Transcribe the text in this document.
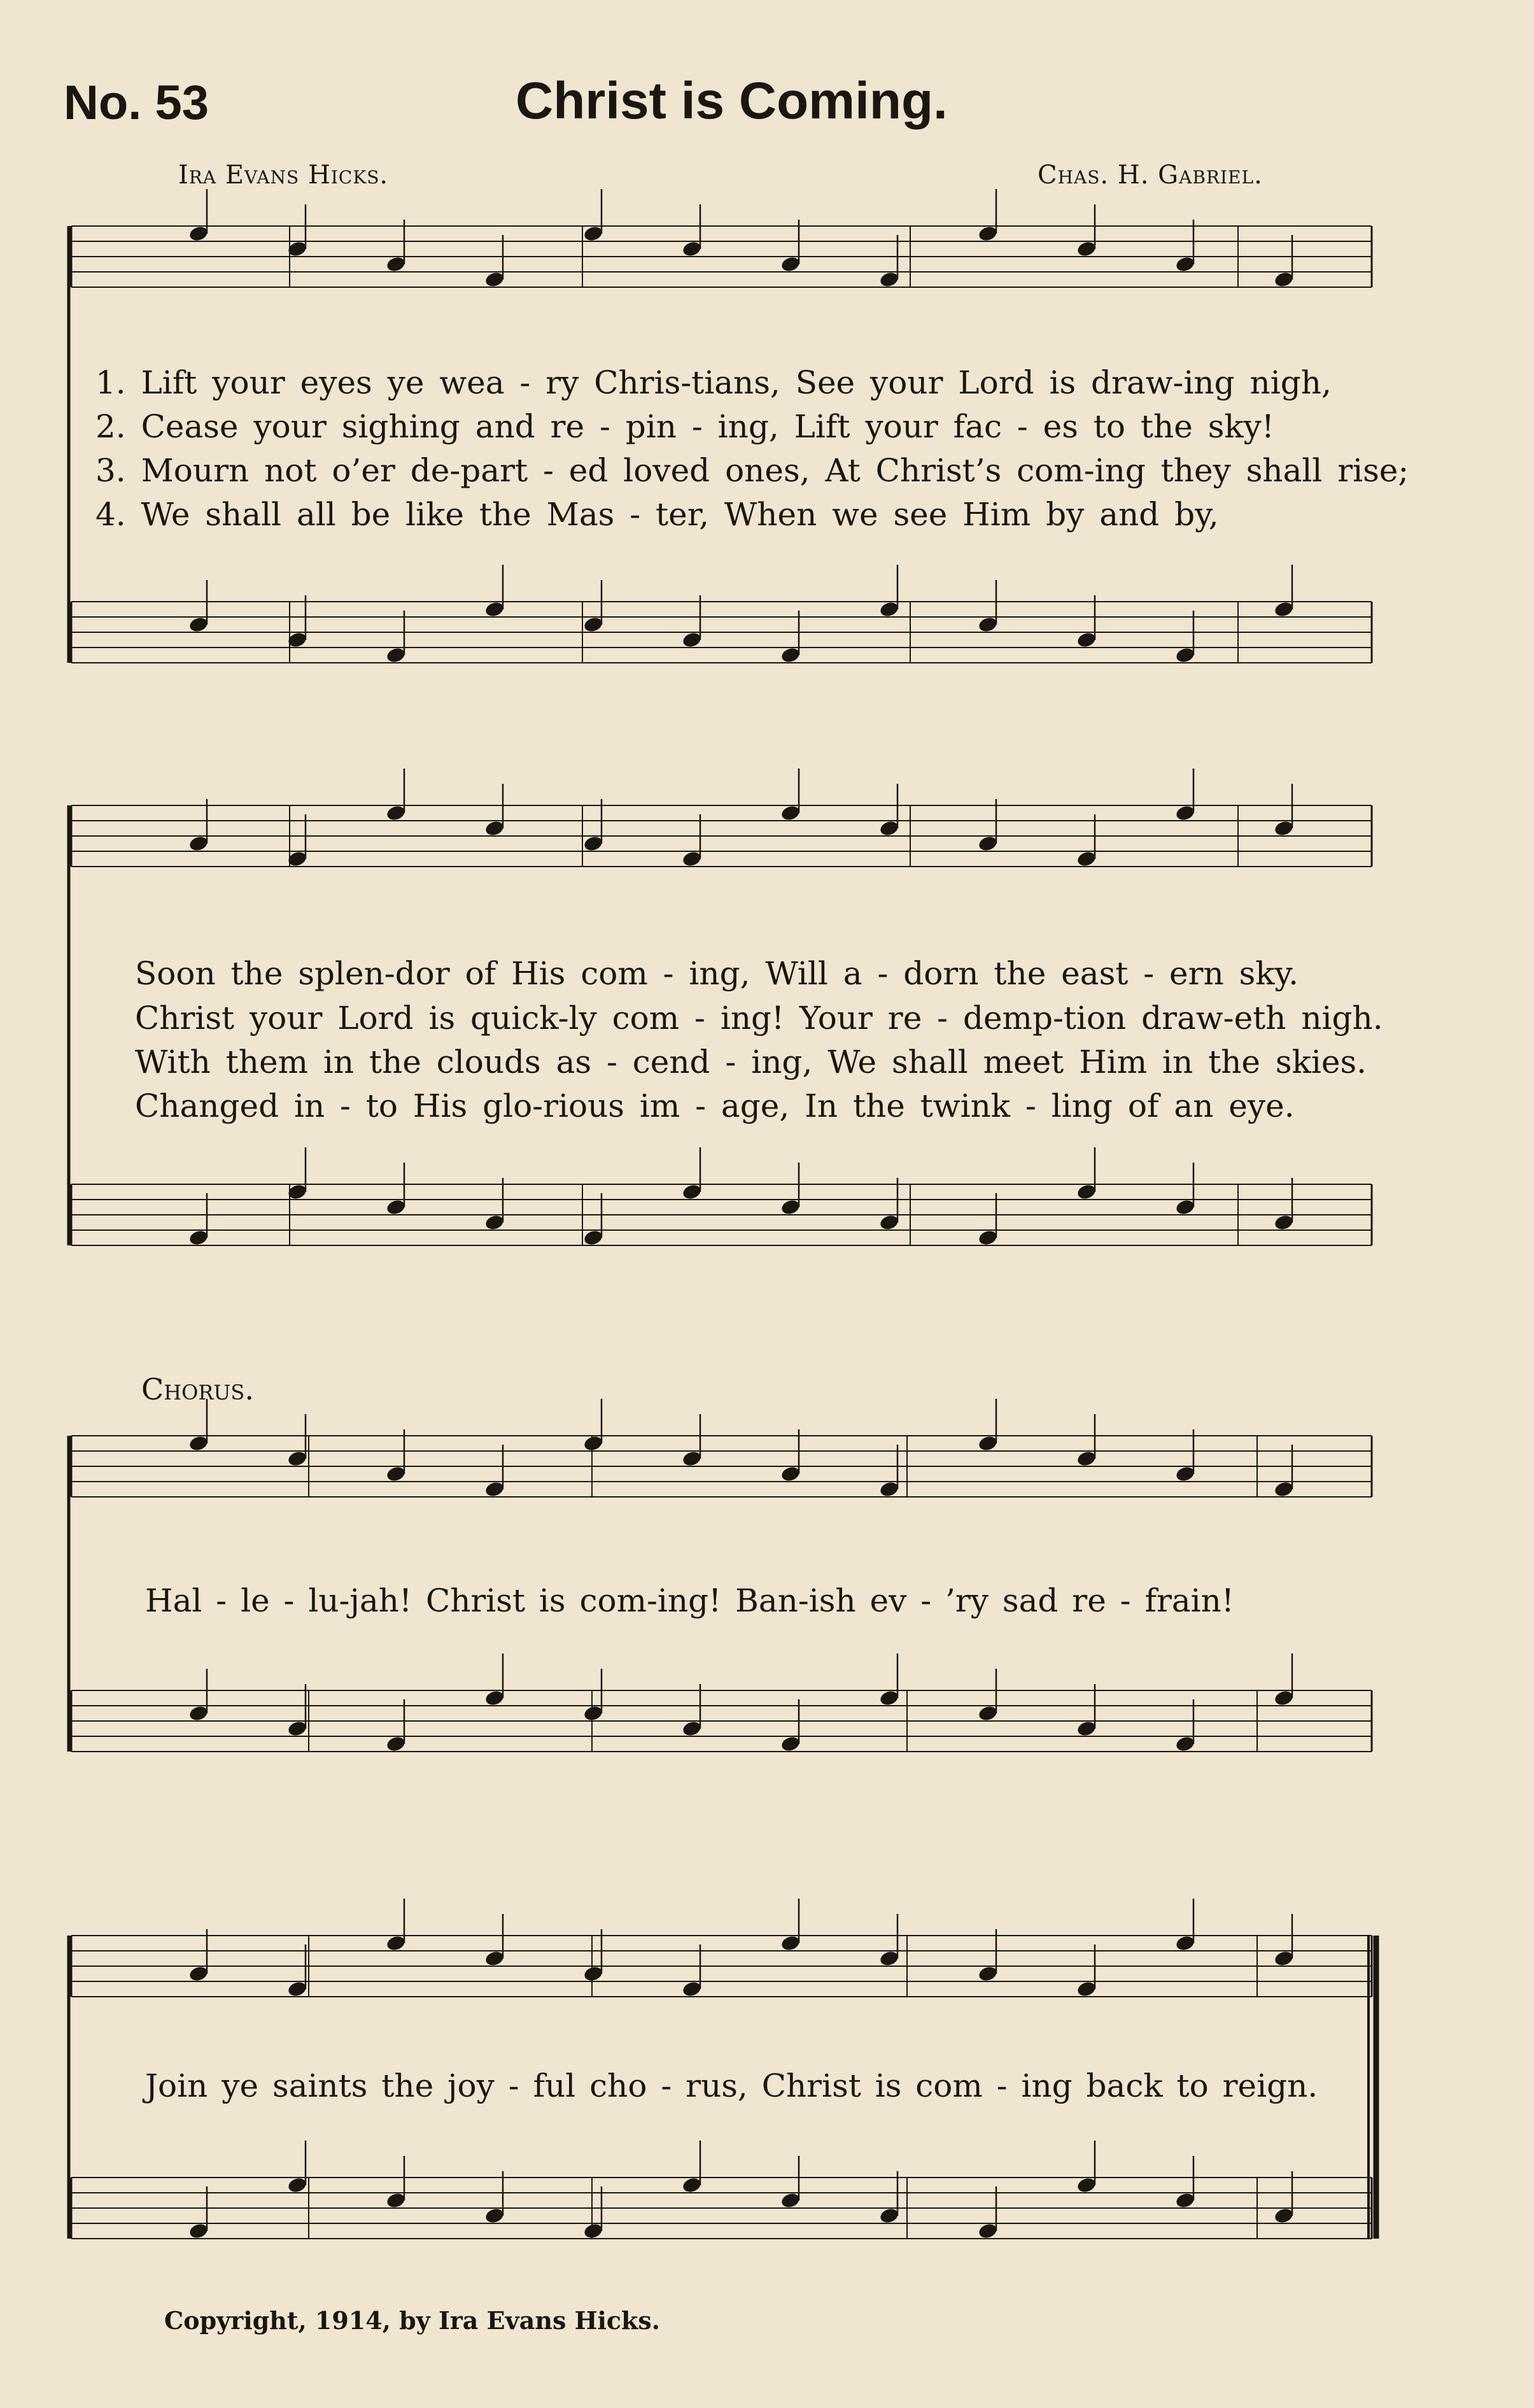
No. 53	Christ is Coming.
Ira Evans Hicks.	Chas. H. Gabriel.
1. Lift your eyes ye wea - ry Chris-tians, See your Lord is draw-ing nigh,
2. Cease your sighing and re - pin - ing, Lift your fac - es to the sky!
3. Mourn not o’er de-part - ed loved ones, At Christ’s com-ing they shall rise;
4. We shall all be like the Mas - ter, When we see Him by and by,
Soon the splen-dor of His com - ing, Will a - dorn the east - ern sky.
Christ your Lord is quick-ly com - ing! Your re - demp-tion draw-eth nigh.
With them in the clouds as - cend - ing, We shall meet Him in the skies.
Changed in - to His glo-rious im - age, In the twink - ling of an eye.
Chorus.
Hal - le - lu-jah! Christ is com-ing! Ban-ish ev - ’ry sad re - frain!
Join ye saints the joy - ful cho - rus, Christ is com - ing back to reign.
Copyright, 1914, by Ira Evans Hicks.
